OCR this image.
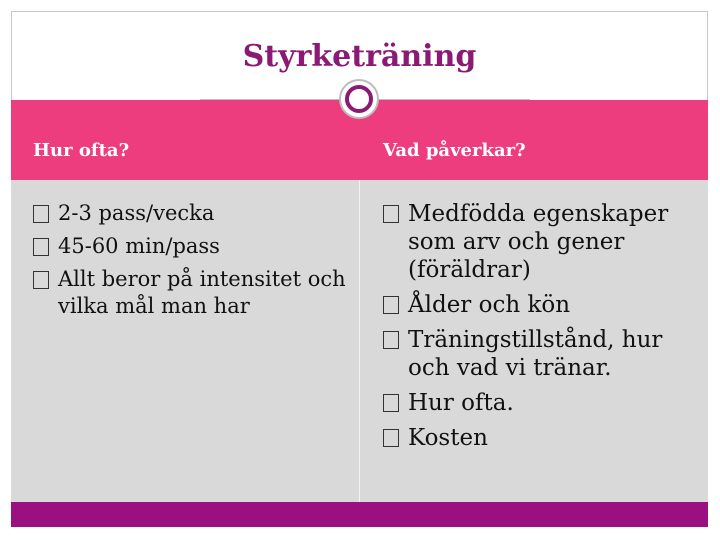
Styrketräning
Hur ofta?	Vad påverkar?
2-3 pass/vecka
45-60 min/pass
Allt beror på intensitet och vilka mål man har
Medfödda egenskaper som arv och gener (föräldrar)
Ålder och kön
Träningstillstånd, hur och vad vi tränar.
Hur ofta.
Kosten
